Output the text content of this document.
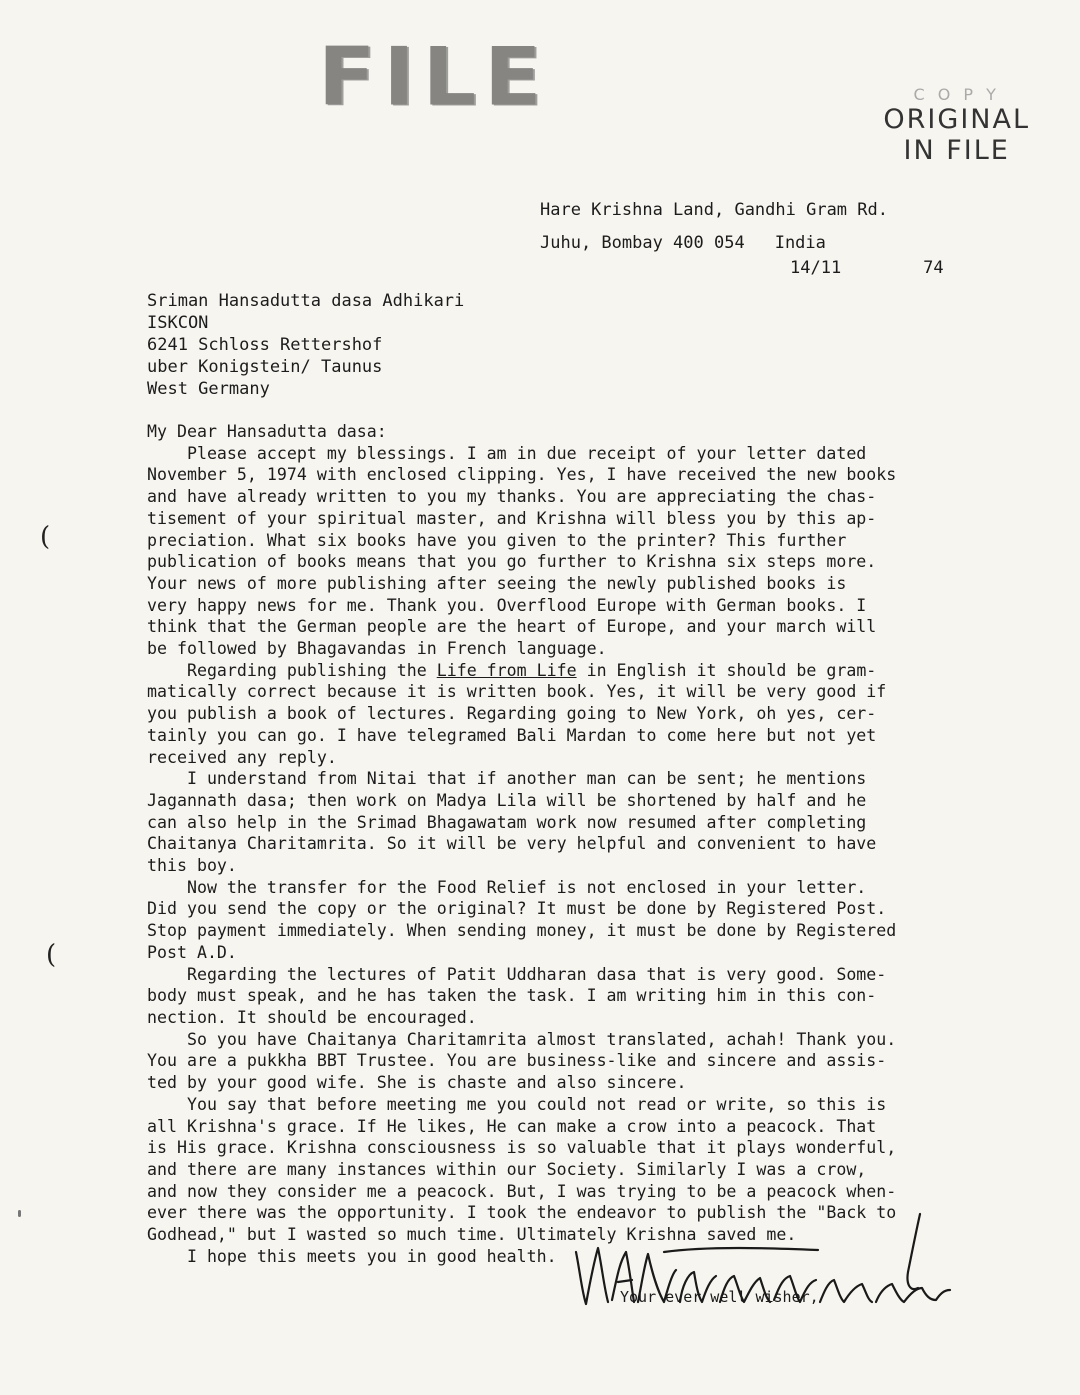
FILE	C O P Y
ORIGINAL
IN FILE
Hare Krishna Land, Gandhi Gram Rd.
Juhu, Bombay 400 054 India
14/11	74
Sriman Hansadutta dasa Adhikari
ISKCON
6241 Schloss Rettershof
uber Konigstein/ Taunus
West Germany
My Dear Hansadutta dasa:
Please accept my blessings. I am in due receipt of your letter dated
November 5, 1974 with enclosed clipping. Yes, I have received the new books
and have already written to you my thanks. You are appreciating the chas-
tisement of your spiritual master, and Krishna will bless you by this ap-
preciation. What six books have you given to the printer? This further
publication of books means that you go further to Krishna six steps more.
Your news of more publishing after seeing the newly published books is
very happy news for me. Thank you. Overflood Europe with German books. I
think that the German people are the heart of Europe, and your march will
be followed by Bhagavandas in French language.
Regarding publishing the Life from Life in English it should be gram-
matically correct because it is written book. Yes, it will be very good if
you publish a book of lectures. Regarding going to New York, oh yes, cer-
tainly you can go. I have telegramed Bali Mardan to come here but not yet
received any reply.
I understand from Nitai that if another man can be sent; he mentions
Jagannath dasa; then work on Madya Lila will be shortened by half and he
can also help in the Srimad Bhagawatam work now resumed after completing
Chaitanya Charitamrita. So it will be very helpful and convenient to have
this boy.
Now the transfer for the Food Relief is not enclosed in your letter.
Did you send the copy or the original? It must be done by Registered Post.
Stop payment immediately. When sending money, it must be done by Registered
Post A.D.
Regarding the lectures of Patit Uddharan dasa that is very good. Some-
body must speak, and he has taken the task. I am writing him in this con-
nection. It should be encouraged.
So you have Chaitanya Charitamrita almost translated, achah! Thank you.
You are a pukkha BBT Trustee. You are business-like and sincere and assis-
ted by your good wife. She is chaste and also sincere.
You say that before meeting me you could not read or write, so this is
all Krishna's grace. If He likes, He can make a crow into a peacock. That
is His grace. Krishna consciousness is so valuable that it plays wonderful,
and there are many instances within our Society. Similarly I was a crow,
and now they consider me a peacock. But, I was trying to be a peacock when-
ever there was the opportunity. I took the endeavor to publish the "Back to
Godhead," but I wasted so much time. Ultimately Krishna saved me.
I hope this meets you in good health.
(
(
Your ever well wisher,
